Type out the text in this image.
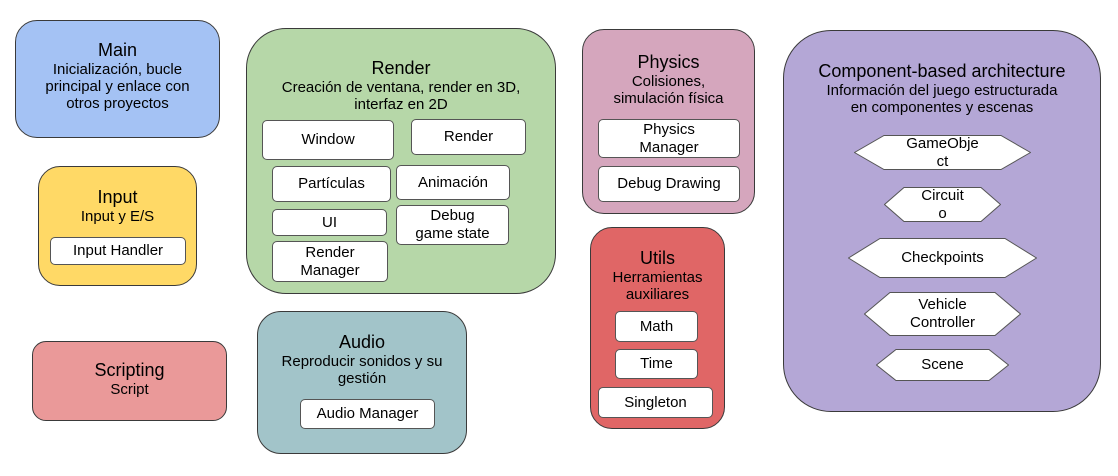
Main
Inicialización, bucle
principal y enlace con
otros proyectos
Input
Input y E/S
Input Handler
Scripting
Script
Render
Creación de ventana, render en 3D,
interfaz en 2D
Window	Render
Partículas	Animación
UI	Debug
game state
Render
Manager
Audio
Reproducir sonidos y su
gestión
Audio Manager
Physics
Colisiones,
simulación física
Physics
Manager
Debug Drawing
Utils
Herramientas
auxiliares
Math
Time
Singleton
Component-based architecture
Información del juego estructurada
en componentes y escenas
GameObje
ct
Circuit
o
Checkpoints
Vehicle
Controller
Scene
